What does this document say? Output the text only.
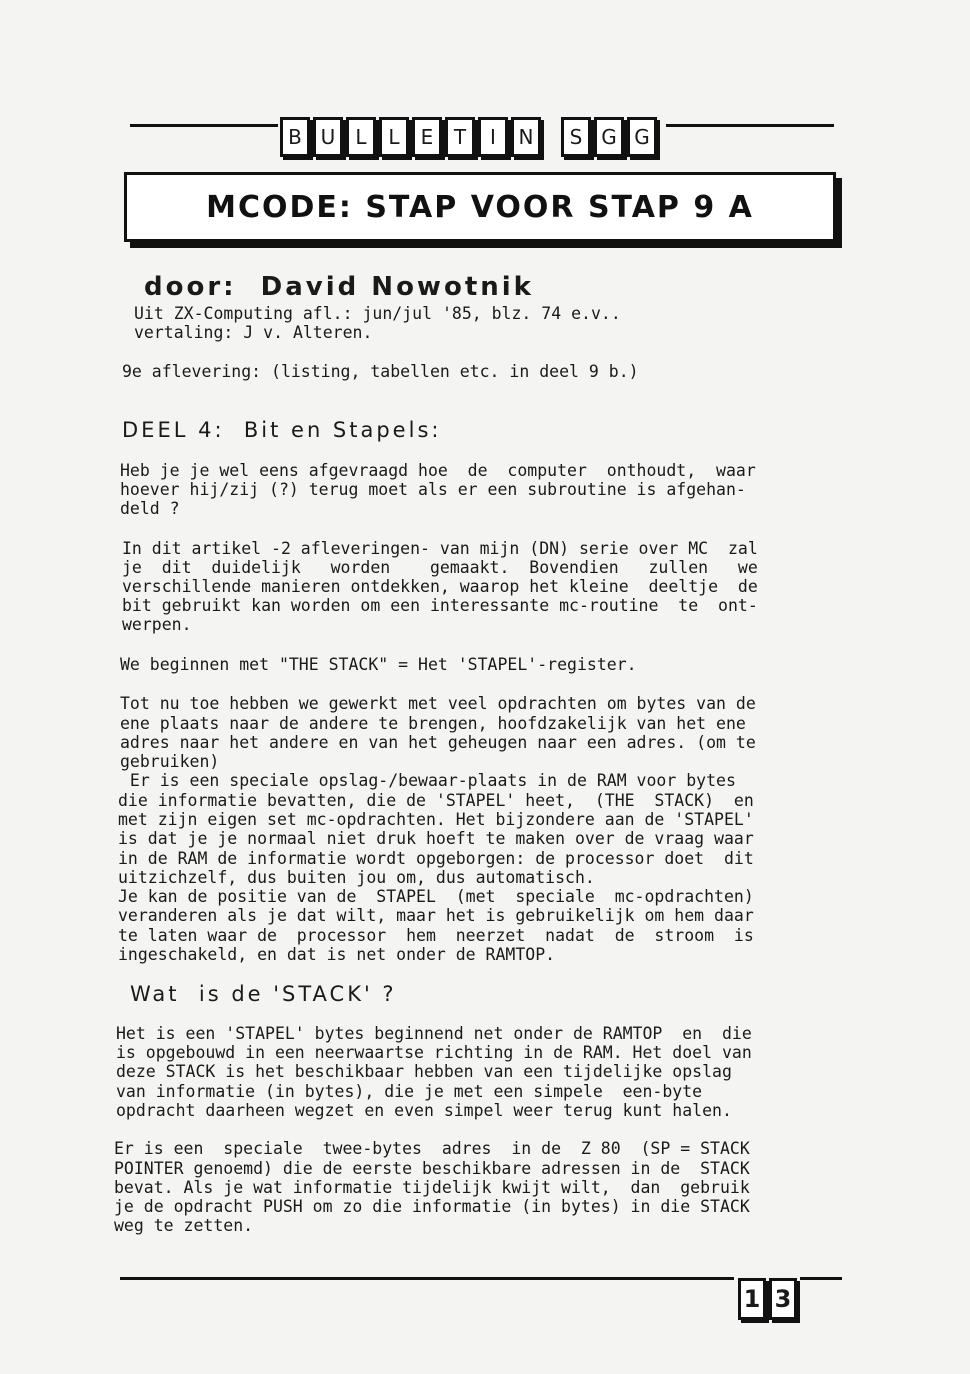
B U	L	L	E	T	I	N	S G G
MCODE: STAP VOOR STAP 9 A
door:  David Nowotnik
Uit ZX-Computing afl.: jun/jul '85, blz. 74 e.v..
vertaling: J v. Alteren.
9e aflevering: (listing, tabellen etc. in deel 9 b.)
DEEL 4:  Bit en Stapels:
Heb je je wel eens afgevraagd hoe  de  computer  onthoudt,  waar
hoever hij/zij (?) terug moet als er een subroutine is afgehan-
deld ?
In dit artikel -2 afleveringen- van mijn (DN) serie over MC  zal
je  dit  duidelijk   worden    gemaakt.  Bovendien   zullen   we
verschillende manieren ontdekken, waarop het kleine  deeltje  de
bit gebruikt kan worden om een interessante mc-routine  te  ont-
werpen.
We beginnen met "THE STACK" = Het 'STAPEL'-register.
Tot nu toe hebben we gewerkt met veel opdrachten om bytes van de
ene plaats naar de andere te brengen, hoofdzakelijk van het ene
adres naar het andere en van het geheugen naar een adres. (om te
gebruiken)
Er is een speciale opslag-/bewaar-plaats in de RAM voor bytes
die informatie bevatten, die de 'STAPEL' heet,  (THE  STACK)  en
met zijn eigen set mc-opdrachten. Het bijzondere aan de 'STAPEL'
is dat je je normaal niet druk hoeft te maken over de vraag waar
in de RAM de informatie wordt opgeborgen: de processor doet  dit
uitzichzelf, dus buiten jou om, dus automatisch.
Je kan de positie van de  STAPEL  (met  speciale  mc-opdrachten)
veranderen als je dat wilt, maar het is gebruikelijk om hem daar
te laten waar de  processor  hem  neerzet  nadat  de  stroom  is
ingeschakeld, en dat is net onder de RAMTOP.
Wat  is de 'STACK' ?
Het is een 'STAPEL' bytes beginnend net onder de RAMTOP  en  die
is opgebouwd in een neerwaartse richting in de RAM. Het doel van
deze STACK is het beschikbaar hebben van een tijdelijke opslag
van informatie (in bytes), die je met een simpele  een-byte
opdracht daarheen wegzet en even simpel weer terug kunt halen.
Er is een  speciale  twee-bytes  adres  in de  Z 80  (SP = STACK
POINTER genoemd) die de eerste beschikbare adressen in de  STACK
bevat. Als je wat informatie tijdelijk kwijt wilt,  dan  gebruik
je de opdracht PUSH om zo die informatie (in bytes) in die STACK
weg te zetten.
1 3
